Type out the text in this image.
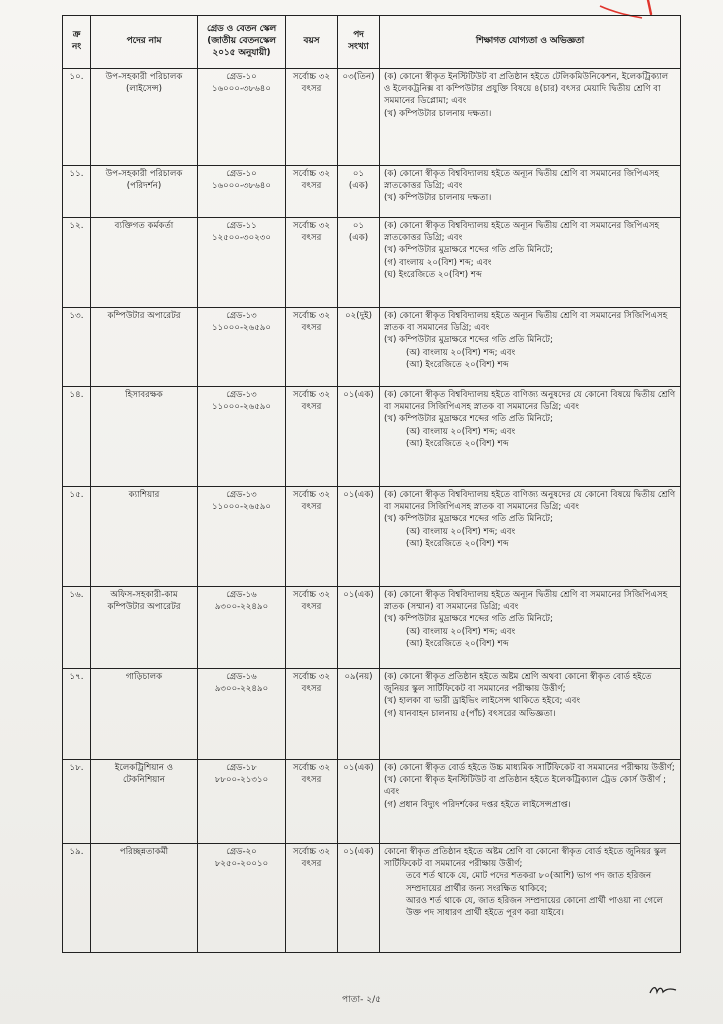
ক্র নং	পদের নাম	গ্রেড ও বেতন স্কেল (জাতীয় বেতনস্কেল ২০১৫ অনুযায়ী)	বয়স	পদ সংখ্যা	শিক্ষাগত যোগ্যতা ও অভিজ্ঞতা
১০.	উপ-সহকারী পরিচালক (লাইসেন্স)	গ্রেড-১০ ১৬০০০-৩৮৬৪০	সর্বোচ্চ ৩২ বৎসর	০৩(তিন)	(ক) কোনো স্বীকৃত ইনস্টিটিউট বা প্রতিষ্ঠান হইতে টেলিকমিউনিকেশন, ইলেকট্রিক্যাল ও ইলেকট্রনিক্স বা কম্পিউটার প্রযুক্তি বিষয়ে ৪(চার) বৎসর মেয়াদি দ্বিতীয় শ্রেণি বা সমমানের ডিপ্লোমা; এবং
(খ) কম্পিউটার চালনায় দক্ষতা।

১১.	উপ-সহকারী পরিচালক (পরিদর্শন)	গ্রেড-১০ ১৬০০০-৩৮৬৪০	সর্বোচ্চ ৩২ বৎসর	০১ (এক)	(ক) কোনো স্বীকৃত বিশ্ববিদ্যালয় হইতে অন্যূন দ্বিতীয় শ্রেণি বা সমমানের জিপিএসহ স্নাতকোত্তর ডিগ্রি; এবং
(খ) কম্পিউটার চালনায় দক্ষতা।

১২.	ব্যক্তিগত কর্মকর্তা	গ্রেড-১১ ১২৫০০-৩০২৩০	সর্বোচ্চ ৩২ বৎসর	০১ (এক)	(ক) কোনো স্বীকৃত বিশ্ববিদ্যালয় হইতে অন্যূন দ্বিতীয় শ্রেণি বা সমমানের জিপিএসহ স্নাতকোত্তর ডিগ্রি; এবং
(খ) কম্পিউটার মুদ্রাক্ষরে শব্দের গতি প্রতি মিনিটে;
(গ) বাংলায় ২০(বিশ) শব্দ; এবং
(ঘ) ইংরেজিতে ২০(বিশ) শব্দ

১৩.	কম্পিউটার অপারেটর	গ্রেড-১৩ ১১০০০-২৬৫৯০	সর্বোচ্চ ৩২ বৎসর	০২(দুই)	(ক) কোনো স্বীকৃত বিশ্ববিদ্যালয় হইতে অন্যূন দ্বিতীয় শ্রেণি বা সমমানের সিজিপিএসহ স্নাতক বা সমমানের ডিগ্রি; এবং
(খ) কম্পিউটার মুদ্রাক্ষরে শব্দের গতি প্রতি মিনিটে;
(অ) বাংলায় ২০(বিশ) শব্দ; এবং
(আ) ইংরেজিতে ২০(বিশ) শব্দ

১৪.	হিসাবরক্ষক	গ্রেড-১৩ ১১০০০-২৬৫৯০	সর্বোচ্চ ৩২ বৎসর	০১(এক)	(ক) কোনো স্বীকৃত বিশ্ববিদ্যালয় হইতে বাণিজ্য অনুষদের যে কোনো বিষয়ে দ্বিতীয় শ্রেণি বা সমমানের সিজিপিএসহ স্নাতক বা সমমানের ডিগ্রি; এবং
(খ) কম্পিউটার মুদ্রাক্ষরে শব্দের গতি প্রতি মিনিটে;
(অ) বাংলায় ২০(বিশ) শব্দ; এবং
(আ) ইংরেজিতে ২০(বিশ) শব্দ

১৫.	ক্যাশিয়ার	গ্রেড-১৩ ১১০০০-২৬৫৯০	সর্বোচ্চ ৩২ বৎসর	০১(এক)	(ক) কোনো স্বীকৃত বিশ্ববিদ্যালয় হইতে বাণিজ্য অনুষদের যে কোনো বিষয়ে দ্বিতীয় শ্রেণি বা সমমানের সিজিপিএসহ স্নাতক বা সমমানের ডিগ্রি; এবং
(খ) কম্পিউটার মুদ্রাক্ষরে শব্দের গতি প্রতি মিনিটে;
(অ) বাংলায় ২০(বিশ) শব্দ; এবং
(আ) ইংরেজিতে ২০(বিশ) শব্দ

১৬.	অফিস-সহকারী-কাম কম্পিউটার অপারেটর	গ্রেড-১৬ ৯৩০০-২২৪৯০	সর্বোচ্চ ৩২ বৎসর	০১(এক)	(ক) কোনো স্বীকৃত বিশ্ববিদ্যালয় হইতে অন্যূন দ্বিতীয় শ্রেণি বা সমমানের সিজিপিএসহ স্নাতক (সম্মান) বা সমমানের ডিগ্রি; এবং
(খ) কম্পিউটার মুদ্রাক্ষরে শব্দের গতি প্রতি মিনিটে;
(অ) বাংলায় ২০(বিশ) শব্দ; এবং
(আ) ইংরেজিতে ২০(বিশ) শব্দ

১৭.	গাড়িচালক	গ্রেড-১৬ ৯৩০০-২২৪৯০	সর্বোচ্চ ৩২ বৎসর	০৯(নয়)	(ক) কোনো স্বীকৃত প্রতিষ্ঠান হইতে অষ্টম শ্রেণি অথবা কোনো স্বীকৃত বোর্ড হইতে জুনিয়র স্কুল সার্টিফিকেট বা সমমানের পরীক্ষায় উত্তীর্ণ;
(খ) হালকা বা ভারী ড্রাইভিং লাইসেন্স থাকিতে হইবে; এবং
(গ) যানবাহন চালনায় ৫(পাঁচ) বৎসরের অভিজ্ঞতা।

১৮.	ইলেকট্রিশিয়ান ও টেকনিশিয়ান	গ্রেড-১৮ ৮৮০০-২১৩১০	সর্বোচ্চ ৩২ বৎসর	০১(এক)	(ক) কোনো স্বীকৃত বোর্ড হইতে উচ্চ মাধ্যমিক সার্টিফিকেট বা সমমানের পরীক্ষায় উত্তীর্ণ;
(খ) কোনো স্বীকৃত ইনস্টিটিউট বা প্রতিষ্ঠান হইতে ইলেকট্রিক্যাল ট্রেড কোর্স উত্তীর্ণ ; এবং
(গ) প্রধান বিদ্যুৎ পরিদর্শকের দপ্তর হইতে লাইসেন্সপ্রাপ্ত।

১৯.	পরিচ্ছন্নতাকর্মী	গ্রেড-২০ ৮২৫০-২০০১০	সর্বোচ্চ ৩২ বৎসর	০১(এক)	কোনো স্বীকৃত প্রতিষ্ঠান হইতে অষ্টম শ্রেণি বা কোনো স্বীকৃত বোর্ড হইতে জুনিয়র স্কুল সার্টিফিকেট বা সমমানের পরীক্ষায় উত্তীর্ণ;
তবে শর্ত থাকে যে, মোট পদের শতকরা ৮০(আশি) ভাগ পদ জাত হরিজন সম্প্রদায়ের প্রার্থীর জন্য সংরক্ষিত থাকিবে;
আরও শর্ত থাকে যে, জাত হরিজন সম্প্রদায়ের কোনো প্রার্থী পাওয়া না গেলে উক্ত পদ সাধারণ প্রার্থী হইতে পূরণ করা যাইবে।
পাতা- ২/৫
